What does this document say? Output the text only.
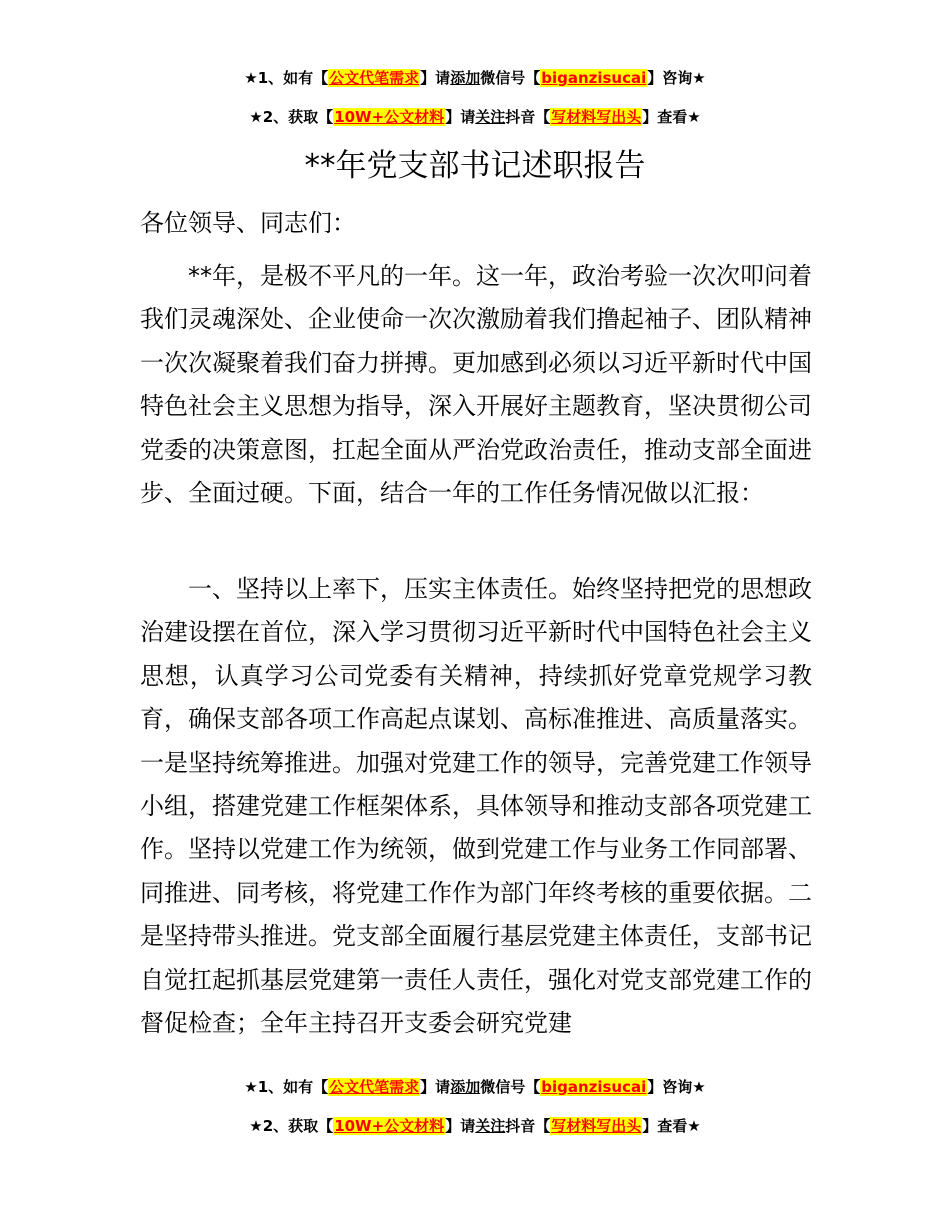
★1、如有【公文代笔需求】请添加微信号【biganzisucai】咨询★
★2、获取【10W+公文材料】请关注抖音【写材料写出头】查看★
**年党支部书记述职报告

各位领导、同志们：

**年，是极不平凡的一年。这一年，政治考验一次次叩问着我们灵魂深处、企业使命一次次激励着我们撸起袖子、团队精神一次次凝聚着我们奋力拼搏。更加感到必须以习近平新时代中国特色社会主义思想为指导，深入开展好主题教育，坚决贯彻公司党委的决策意图，扛起全面从严治党政治责任，推动支部全面进步、全面过硬。下面，结合一年的工作任务情况做以汇报：

一、坚持以上率下，压实主体责任。始终坚持把党的思想政治建设摆在首位，深入学习贯彻习近平新时代中国特色社会主义思想，认真学习公司党委有关精神，持续抓好党章党规学习教育，确保支部各项工作高起点谋划、高标准推进、高质量落实。一是坚持统筹推进。加强对党建工作的领导，完善党建工作领导小组，搭建党建工作框架体系，具体领导和推动支部各项党建工作。坚持以党建工作为统领，做到党建工作与业务工作同部署、同推进、同考核，将党建工作作为部门年终考核的重要依据。二是坚持带头推进。党支部全面履行基层党建主体责任，支部书记自觉扛起抓基层党建第一责任人责任，强化对党支部党建工作的督促检查；全年主持召开支委会研究党建

★1、如有【公文代笔需求】请添加微信号【biganzisucai】咨询★
★2、获取【10W+公文材料】请关注抖音【写材料写出头】查看★
